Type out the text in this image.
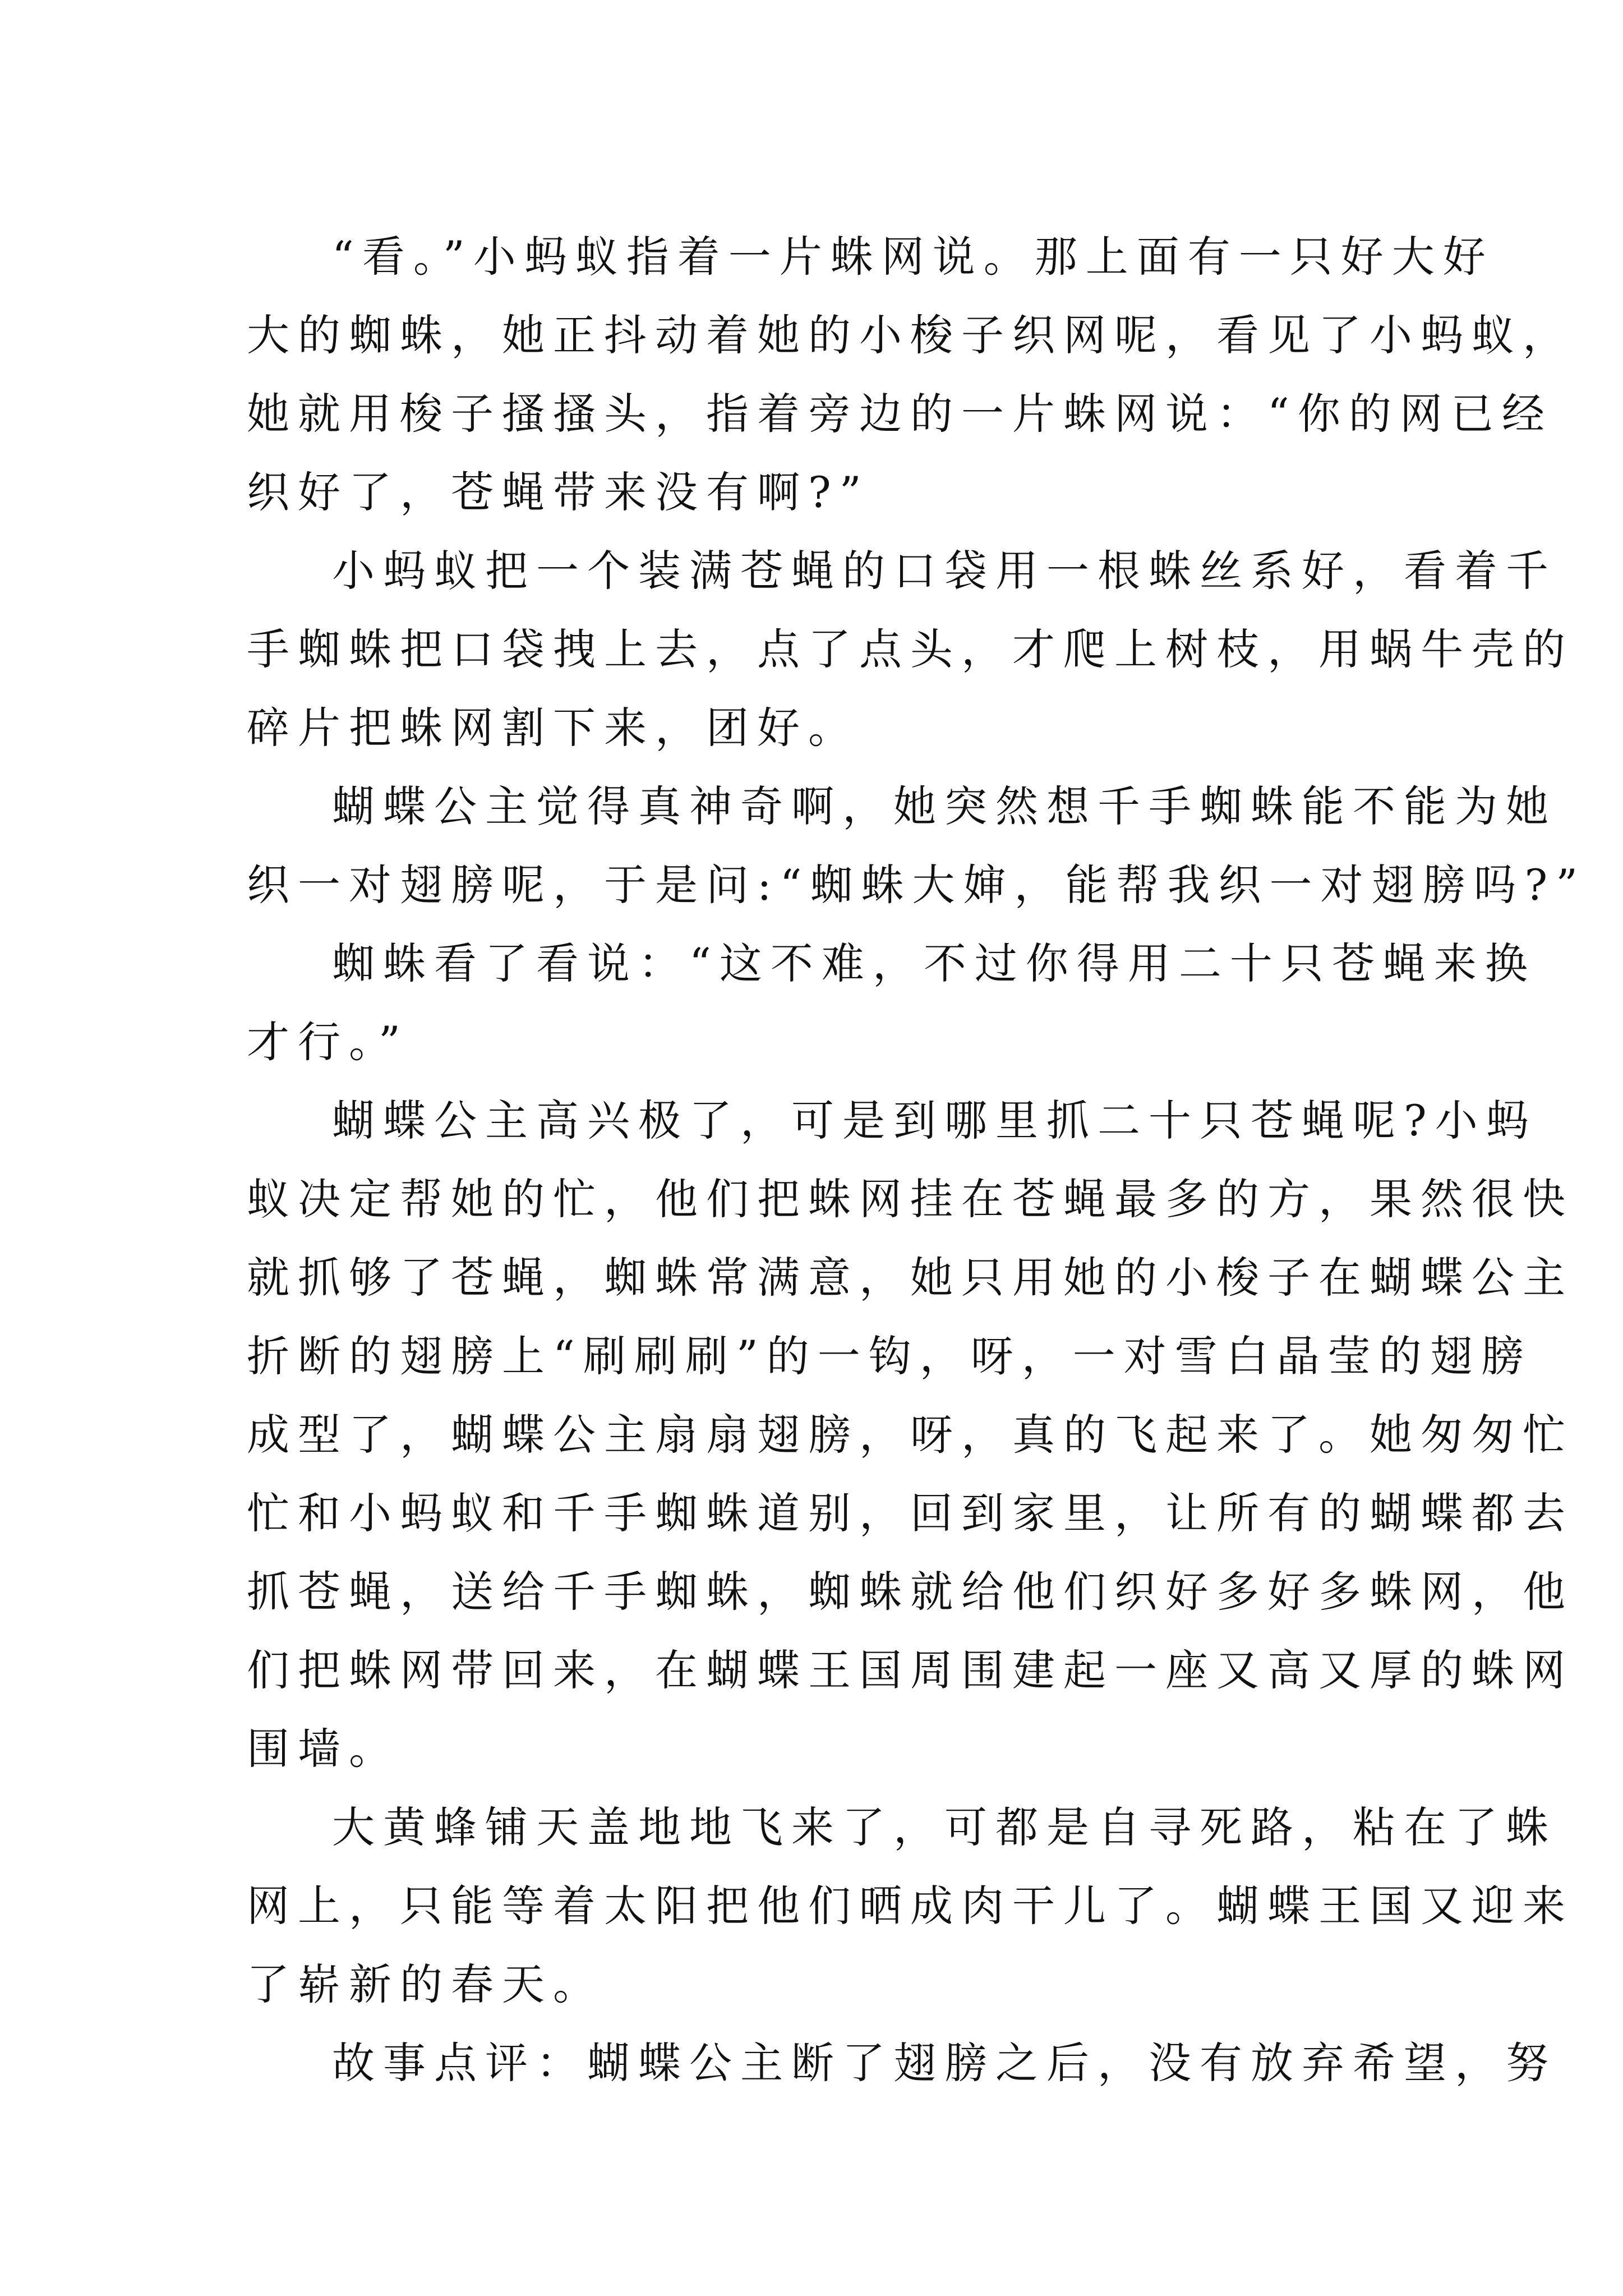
“看。”小蚂蚁指着一片蛛网说。那上面有一只好大好
大的蜘蛛，她正抖动着她的小梭子织网呢，看见了小蚂蚁，
她就用梭子搔搔头，指着旁边的一片蛛网说：“你的网已经
织好了，苍蝇带来没有啊?”
小蚂蚁把一个装满苍蝇的口袋用一根蛛丝系好，看着千
手蜘蛛把口袋拽上去，点了点头，才爬上树枝，用蜗牛壳的
碎片把蛛网割下来，团好。
蝴蝶公主觉得真神奇啊，她突然想千手蜘蛛能不能为她
织一对翅膀呢，于是问:“蜘蛛大婶，能帮我织一对翅膀吗?”
蜘蛛看了看说：“这不难，不过你得用二十只苍蝇来换
才行。”
蝴蝶公主高兴极了，可是到哪里抓二十只苍蝇呢?小蚂
蚁决定帮她的忙，他们把蛛网挂在苍蝇最多的方，果然很快
就抓够了苍蝇，蜘蛛常满意，她只用她的小梭子在蝴蝶公主
折断的翅膀上“刷刷刷”的一钩，呀，一对雪白晶莹的翅膀
成型了，蝴蝶公主扇扇翅膀，呀，真的飞起来了。她匆匆忙
忙和小蚂蚁和千手蜘蛛道别，回到家里，让所有的蝴蝶都去
抓苍蝇，送给千手蜘蛛，蜘蛛就给他们织好多好多蛛网，他
们把蛛网带回来，在蝴蝶王国周围建起一座又高又厚的蛛网
围墙。
大黄蜂铺天盖地地飞来了，可都是自寻死路，粘在了蛛
网上，只能等着太阳把他们晒成肉干儿了。蝴蝶王国又迎来
了崭新的春天。
故事点评：蝴蝶公主断了翅膀之后，没有放弃希望，努
